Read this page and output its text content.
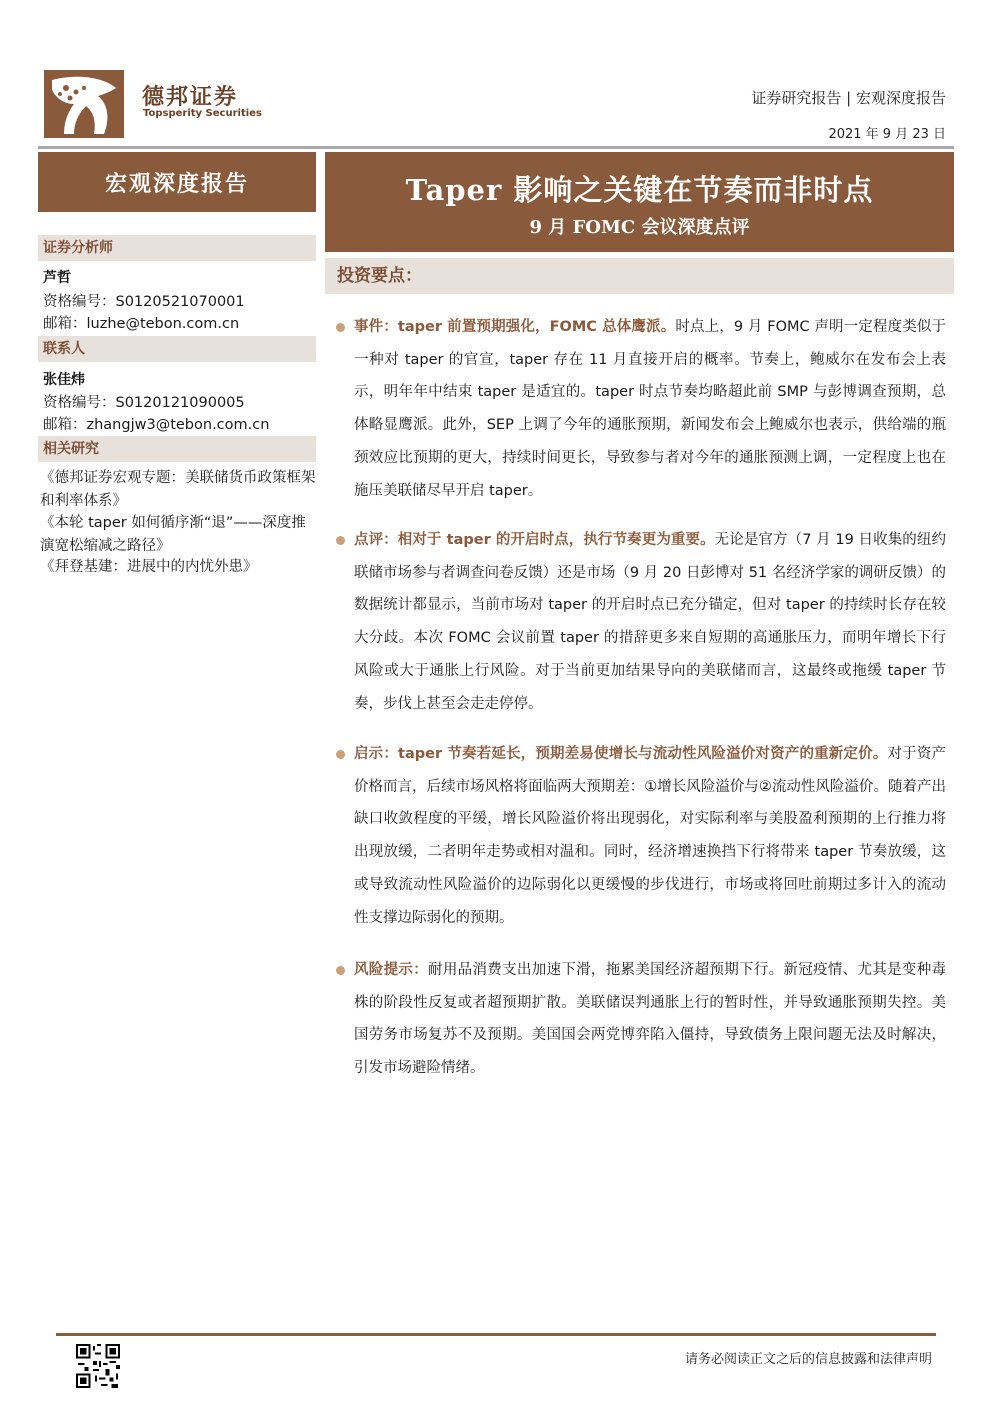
德邦证券
Topsperity Securities
证券研究报告 | 宏观深度报告
2021 年 9 月 23 日
宏观深度报告
证券分析师
芦哲
资格编号：S0120521070001
邮箱：luzhe@tebon.com.cn
联系人
张佳炜
资格编号：S0120121090005
邮箱：zhangjw3@tebon.com.cn
相关研究
《德邦证券宏观专题：美联储货币政策框架和利率体系》
《本轮 taper 如何循序渐“退”——深度推演宽松缩减之路径》
《拜登基建：进展中的内忧外患》
Taper 影响之关键在节奏而非时点
9 月 FOMC 会议深度点评
投资要点：
事件：taper 前置预期强化，FOMC 总体鹰派。时点上，9 月 FOMC 声明一定程度类似于一种对 taper 的官宣，taper 存在 11 月直接开启的概率。节奏上，鲍威尔在发布会上表示，明年年中结束 taper 是适宜的。taper 时点节奏均略超此前 SMP 与彭博调查预期，总体略显鹰派。此外，SEP 上调了今年的通胀预期，新闻发布会上鲍威尔也表示，供给端的瓶颈效应比预期的更大，持续时间更长，导致参与者对今年的通胀预测上调，一定程度上也在施压美联储尽早开启 taper。
点评：相对于 taper 的开启时点，执行节奏更为重要。无论是官方（7 月 19 日收集的纽约联储市场参与者调查问卷反馈）还是市场（9 月 20 日彭博对 51 名经济学家的调研反馈）的数据统计都显示，当前市场对 taper 的开启时点已充分锚定，但对 taper 的持续时长存在较大分歧。本次 FOMC 会议前置 taper 的措辞更多来自短期的高通胀压力，而明年增长下行风险或大于通胀上行风险。对于当前更加结果导向的美联储而言，这最终或拖缓 taper 节奏，步伐上甚至会走走停停。
启示：taper 节奏若延长，预期差易使增长与流动性风险溢价对资产的重新定价。对于资产价格而言，后续市场风格将面临两大预期差：①增长风险溢价与②流动性风险溢价。随着产出缺口收敛程度的平缓，增长风险溢价将出现弱化，对实际利率与美股盈利预期的上行推力将出现放缓，二者明年走势或相对温和。同时，经济增速换挡下行将带来 taper 节奏放缓，这或导致流动性风险溢价的边际弱化以更缓慢的步伐进行，市场或将回吐前期过多计入的流动性支撑边际弱化的预期。
风险提示：耐用品消费支出加速下滑，拖累美国经济超预期下行。新冠疫情、尤其是变种毒株的阶段性反复或者超预期扩散。美联储误判通胀上行的暂时性，并导致通胀预期失控。美国劳务市场复苏不及预期。美国国会两党博弈陷入僵持，导致债务上限问题无法及时解决，引发市场避险情绪。
请务必阅读正文之后的信息披露和法律声明
